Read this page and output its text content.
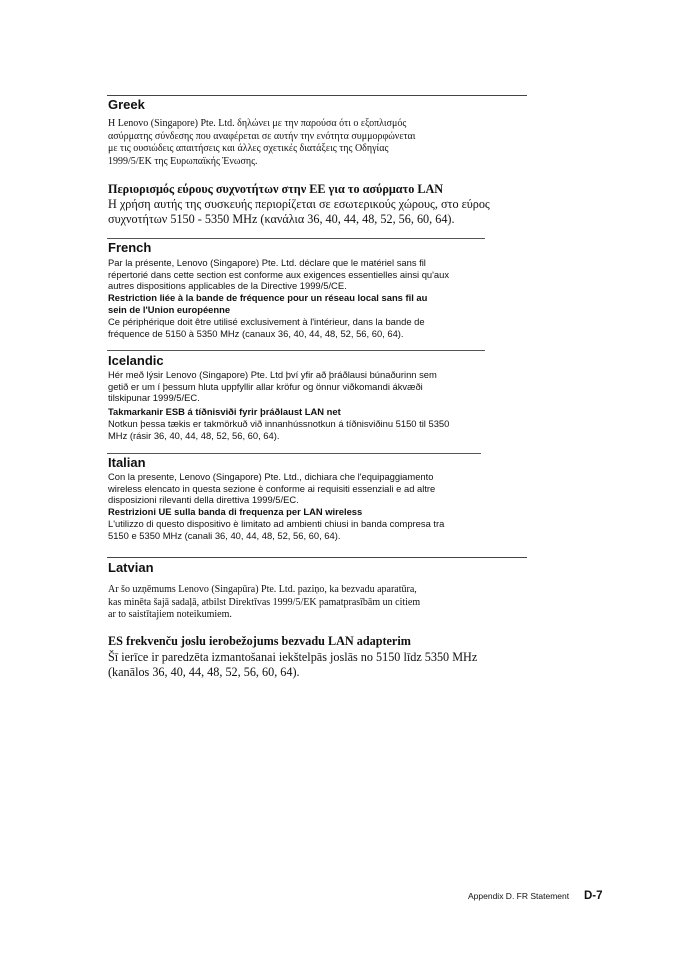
Greek
Η Lenovo (Singapore) Pte. Ltd. δηλώνει με την παρούσα ότι ο εξοπλισμός
ασύρματης σύνδεσης που αναφέρεται σε αυτήν την ενότητα συμμορφώνεται
με τις ουσιώδεις απαιτήσεις και άλλες σχετικές διατάξεις της Οδηγίας
1999/5/ΕΚ της Ευρωπαϊκής Ένωσης.
Περιορισμός εύρους συχνοτήτων στην ΕΕ για το ασύρματο LAN
Η χρήση αυτής της συσκευής περιορίζεται σε εσωτερικούς χώρους, στο εύρος
συχνοτήτων 5150 - 5350 MHz (κανάλια 36, 40, 44, 48, 52, 56, 60, 64).
French
Par la présente, Lenovo (Singapore) Pte. Ltd. déclare que le matériel sans fil
répertorié dans cette section est conforme aux exigences essentielles ainsi qu'aux
autres dispositions applicables de la Directive 1999/5/CE.
Restriction liée à la bande de fréquence pour un réseau local sans fil au
sein de l'Union européenne
Ce périphérique doit être utilisé exclusivement à l'intérieur, dans la bande de
fréquence de 5150 à 5350 MHz (canaux 36, 40, 44, 48, 52, 56, 60, 64).
Icelandic
Hér með lýsir Lenovo (Singapore) Pte. Ltd því yfir að þráðlausi búnaðurinn sem
getið er um í þessum hluta uppfyllir allar kröfur og önnur viðkomandi ákvæði
tilskipunar 1999/5/EC.
Takmarkanir ESB á tíðnisviði fyrir þráðlaust LAN net
Notkun þessa tækis er takmörkuð við innanhússnotkun á tíðnisviðinu 5150 til 5350
MHz (rásir 36, 40, 44, 48, 52, 56, 60, 64).
Italian
Con la presente, Lenovo (Singapore) Pte. Ltd., dichiara che l'equipaggiamento
wireless elencato in questa sezione è conforme ai requisiti essenziali e ad altre
disposizioni rilevanti della direttiva 1999/5/EC.
Restrizioni UE sulla banda di frequenza per LAN wireless
L'utilizzo di questo dispositivo è limitato ad ambienti chiusi in banda compresa tra
5150 e 5350 MHz (canali 36, 40, 44, 48, 52, 56, 60, 64).
Latvian
Ar šo uzņēmums Lenovo (Singapūra) Pte. Ltd. paziņo, ka bezvadu aparatūra,
kas minēta šajā sadaļā, atbilst Direktīvas 1999/5/EK pamatprasībām un citiem
ar to saistītajiem noteikumiem.
ES frekvenču joslu ierobežojums bezvadu LAN adapterim
Šī ierīce ir paredzēta izmantošanai iekštelpās joslās no 5150 līdz 5350 MHz
(kanālos 36, 40, 44, 48, 52, 56, 60, 64).
Appendix D. FR Statement D-7
